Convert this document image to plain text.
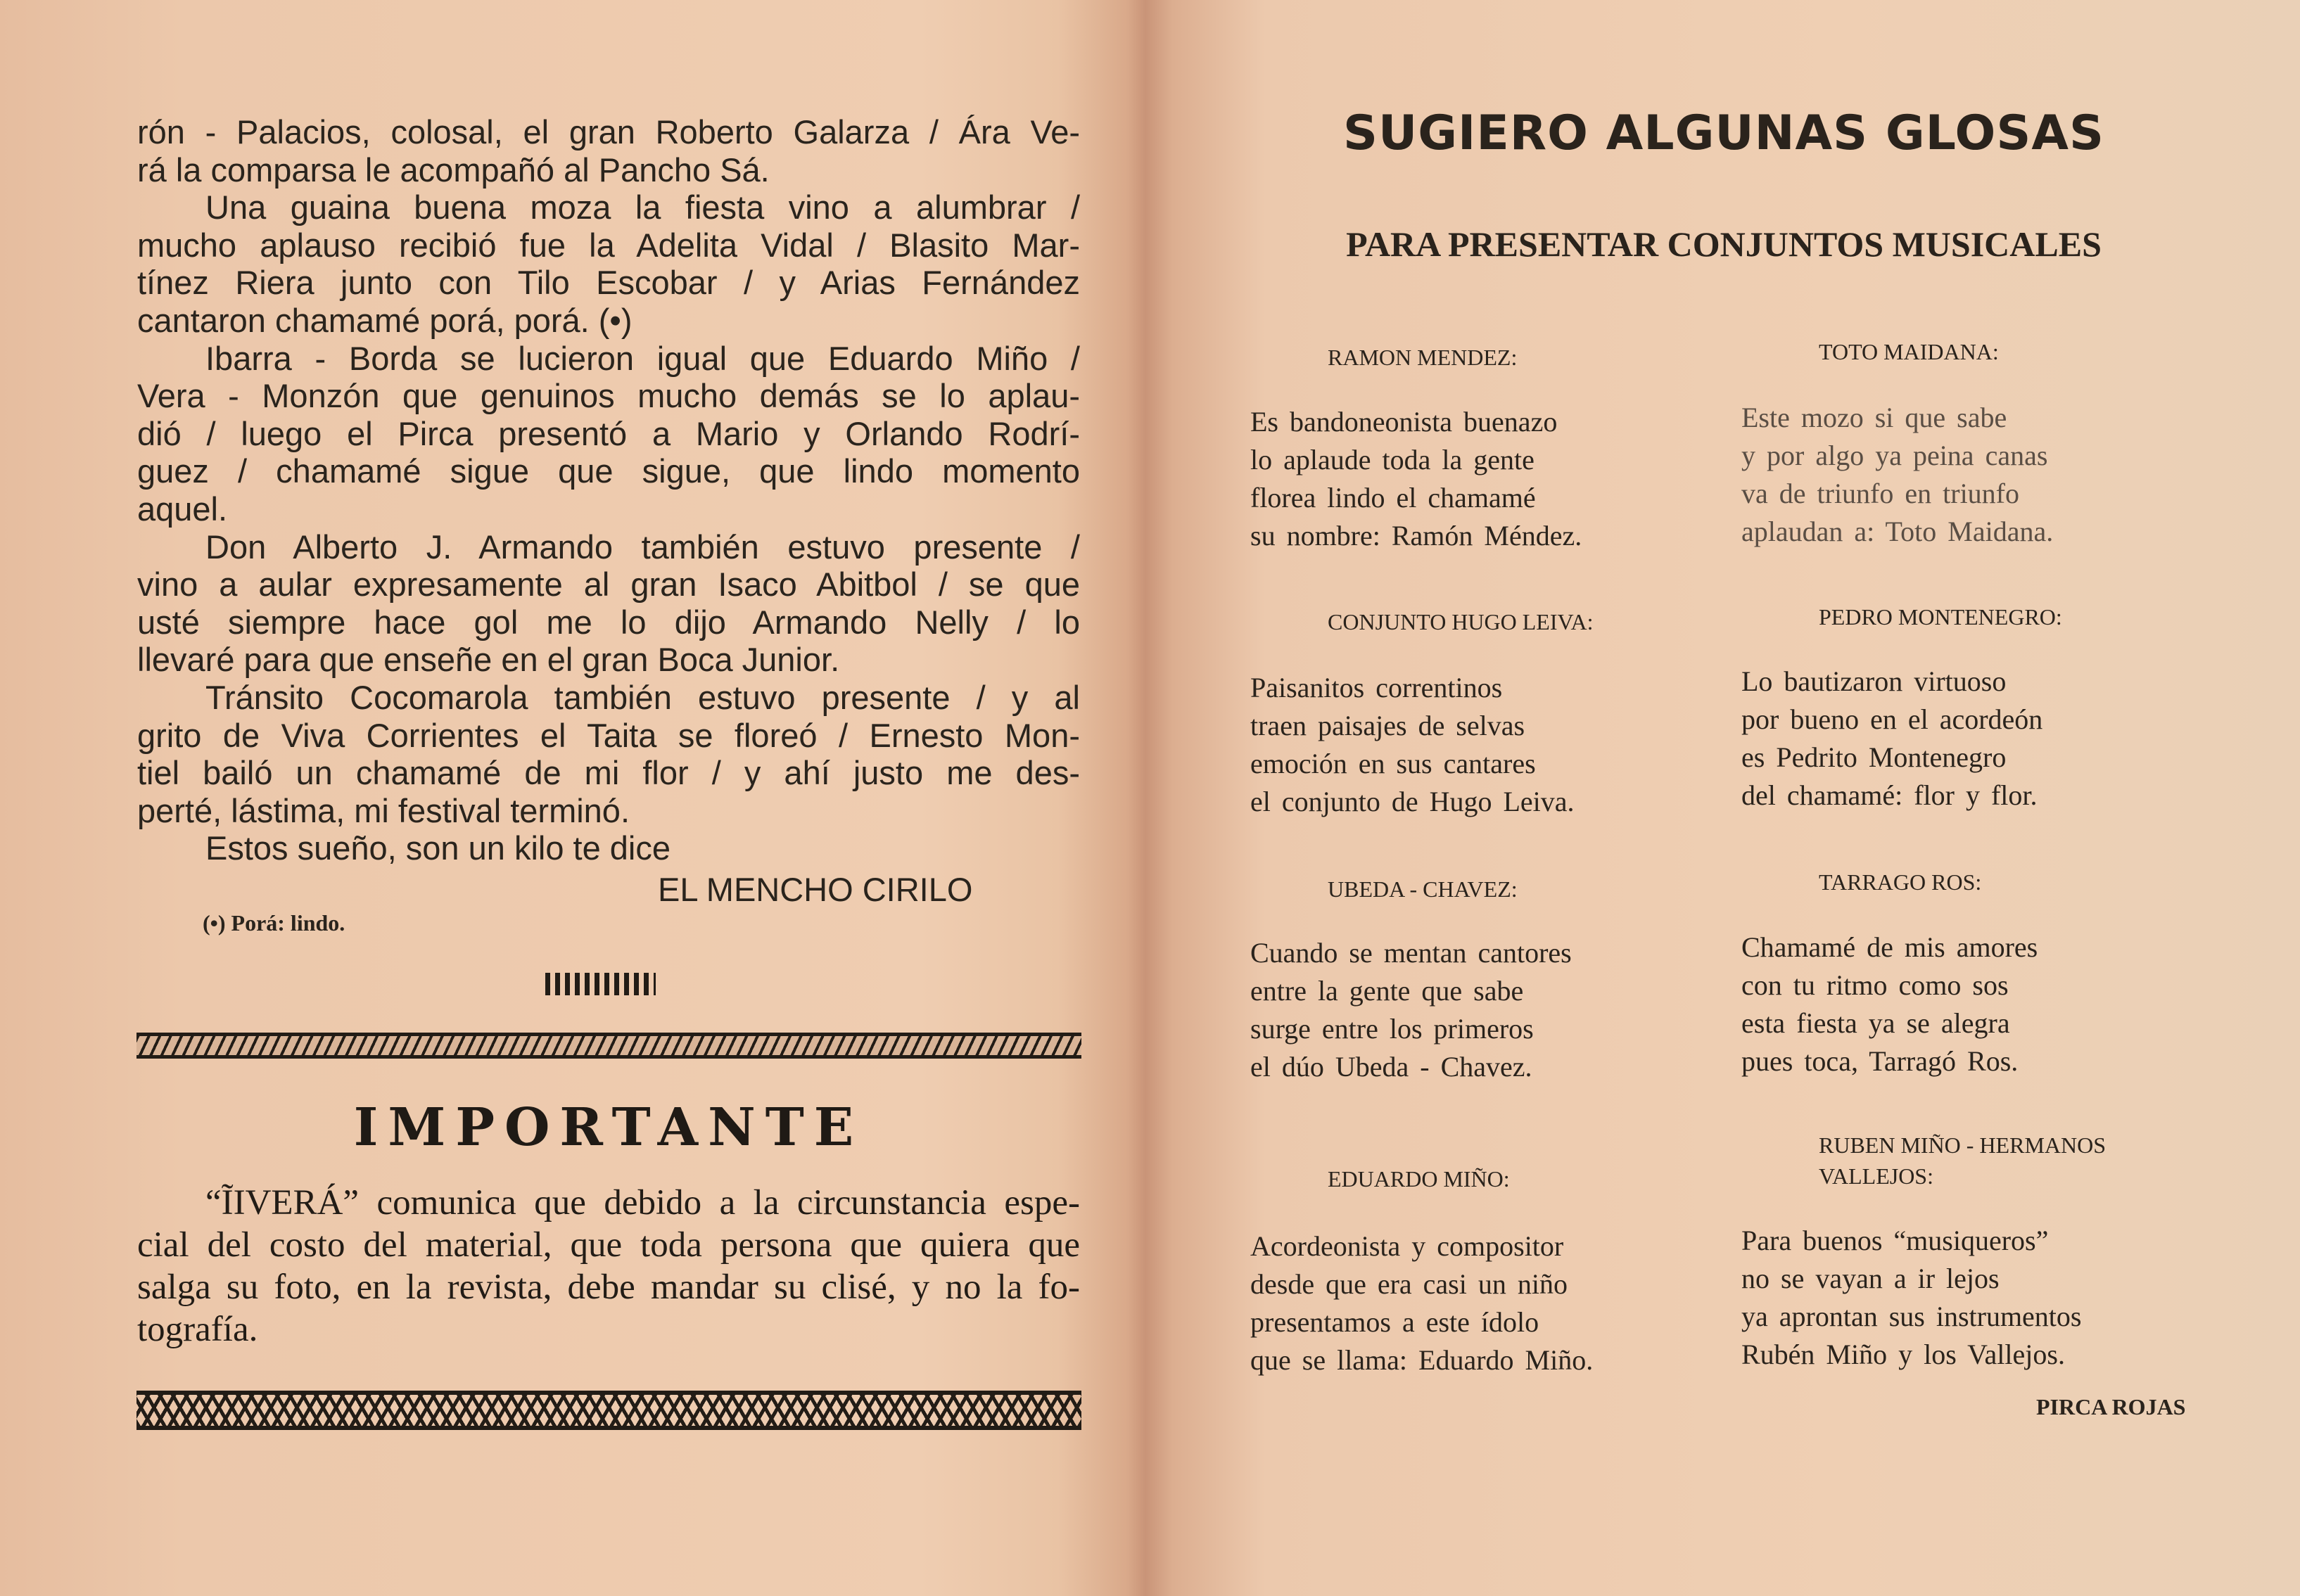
rón - Palacios, colosal, el gran Roberto Galarza / Ára Ve-
rá la comparsa le acompañó al Pancho Sá.
Una guaina buena moza la fiesta vino a alumbrar /
mucho aplauso recibió fue la Adelita Vidal / Blasito Mar-
tínez Riera junto con Tilo Escobar / y Arias Fernández
cantaron chamamé porá, porá. (•)
Ibarra - Borda se lucieron igual que Eduardo Miño /
Vera - Monzón que genuinos mucho demás se lo aplau-
dió / luego el Pirca presentó a Mario y Orlando Rodrí-
guez / chamamé sigue que sigue, que lindo momento
aquel.
Don Alberto J. Armando también estuvo presente /
vino a aular expresamente al gran Isaco Abitbol / se que
usté siempre hace gol me lo dijo Armando Nelly / lo
llevaré para que enseñe en el gran Boca Junior.
Tránsito Cocomarola también estuvo presente / y al
grito de Viva Corrientes el Taita se floreó / Ernesto Mon-
tiel bailó un chamamé de mi flor / y ahí justo me des-
perté, lástima, mi festival terminó.
Estos sueño, son un kilo te dice
EL MENCHO CIRILO
(•) Porá: lindo.
IMPORTANTE
“ĨIVERÁ” comunica que debido a la circunstancia espe-
cial del costo del material, que toda persona que quiera que
salga su foto, en la revista, debe mandar su clisé, y no la fo-
tografía.
SUGIERO ALGUNAS GLOSAS
PARA PRESENTAR CONJUNTOS MUSICALES
RAMON MENDEZ:
Es bandoneonista buenazo
lo aplaude toda la gente
florea lindo el chamamé
su nombre: Ramón Méndez.
TOTO MAIDANA:
Este mozo si que sabe
y por algo ya peina canas
va de triunfo en triunfo
aplaudan a: Toto Maidana.
CONJUNTO HUGO LEIVA:
Paisanitos correntinos
traen paisajes de selvas
emoción en sus cantares
el conjunto de Hugo Leiva.
PEDRO MONTENEGRO:
Lo bautizaron virtuoso
por bueno en el acordeón
es Pedrito Montenegro
del chamamé: flor y flor.
UBEDA - CHAVEZ:
Cuando se mentan cantores
entre la gente que sabe
surge entre los primeros
el dúo Ubeda - Chavez.
TARRAGO ROS:
Chamamé de mis amores
con tu ritmo como sos
esta fiesta ya se alegra
pues toca, Tarragó Ros.
EDUARDO MIÑO:
Acordeonista y compositor
desde que era casi un niño
presentamos a este ídolo
que se llama: Eduardo Miño.
RUBEN MIÑO - HERMANOS
VALLEJOS:
Para buenos “musiqueros”
no se vayan a ir lejos
ya aprontan sus instrumentos
Rubén Miño y los Vallejos.
PIRCA ROJAS
